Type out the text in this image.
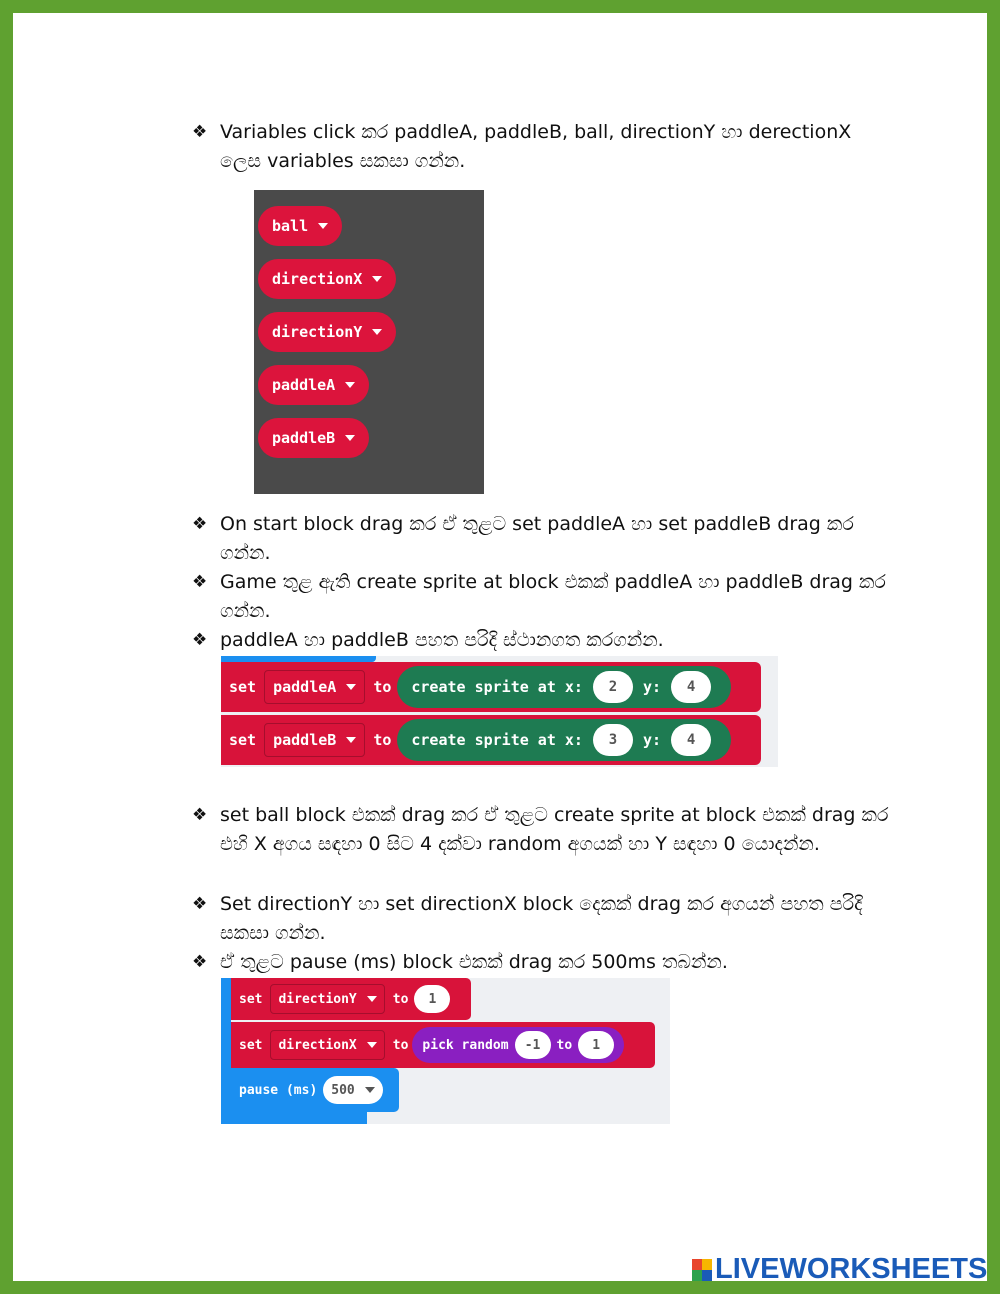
❖ Variables click කර paddleA, paddleB, ball, directionY හා derectionX ලෙස variables සකසා ගන්න.
ball
directionX
directionY
paddleA
paddleB
❖ On start block drag කර ඒ තුළට set paddleA හා set paddleB drag කර ගන්න.
❖ Game තුළ ඇති create sprite at block එකක් paddleA හා paddleB drag කර ගන්න.
❖ paddleA හා paddleB පහත පරිදි ස්ථානගත කරගන්න.
set paddleA to create sprite at x:	2	y:	4
set paddleB to create sprite at x:	3	y:	4
❖ set ball block එකක් drag කර ඒ තුළට create sprite at block එකක් drag කර එහි X අගය සඳහා 0 සිට 4 දක්වා random අගයක් හා Y සඳහා 0 යොදන්න.
❖ Set directionY හා set directionX block දෙකක් drag කර අගයන් පහත පරිදි සකසා ගන්න.
❖ ඒ තුළට pause (ms) block එකක් drag කර 500ms තබන්න.
set directionY	to	1
set directionX	to pick random	-1	to	1
pause (ms) 500
LIVEWORKSHEETS
